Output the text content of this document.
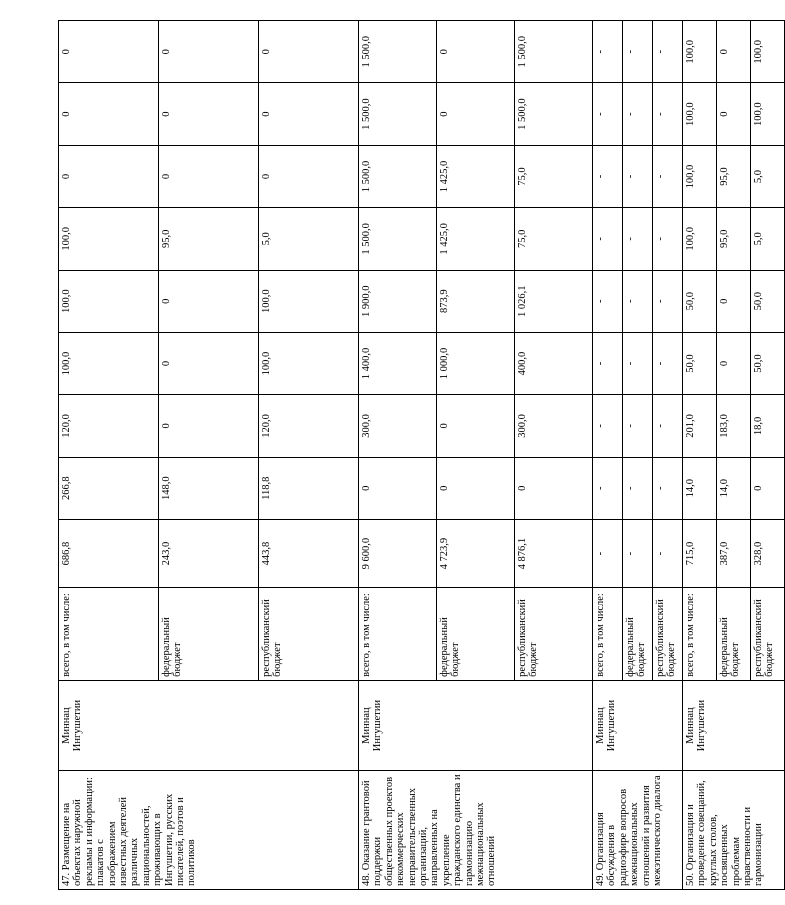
47. Размещение на объектах наружной рекламы и информации: плакатов с изображением известных деятелей различных национальностей, проживающих в Ингушетии, русских писателей, поэтов и политиков	Миннац Ингушетии	всего, в том числе:	686,8	266,8	120,0	100,0	100,0	100,0	0	0	0
		федеральный бюджет	243,0	148,0	0	0	0	95,0	0	0	0
		республиканский бюджет	443,8	118,8	120,0	100,0	100,0	5,0	0	0	0
48. Оказание грантовой поддержки общественных проектов некоммерческих неправительственных организаций, направленных на укрепление гражданского единства и гармонизацию межнациональных отношений	Миннац Ингушетии	всего, в том числе:	9 600,0	0	300,0	1 400,0	1 900,0	1 500,0	1 500,0	1 500,0	1 500,0
		федеральный бюджет	4 723,9	0	0	1 000,0	873,9	1 425,0	1 425,0	0	0
		республиканский бюджет	4 876,1	0	300,0	400,0	1 026,1	75,0	75,0	1 500,0	1 500,0
49. Организация обсуждения в радиоэфире вопросов межнациональных отношений и развития межэтнического диалога	Миннац Ингушетии	всего, в том числе:	-	-	-	-	-	-	-	-	-
		федеральный бюджет	-	-	-	-	-	-	-	-	-
		республиканский бюджет	-	-	-	-	-	-	-	-	-
50. Организация и проведение совещаний, круглых столов, посвященных проблемам нравственности и гармонизации	Миннац Ингушетии	всего, в том числе:	715,0	14,0	201,0	50,0	50,0	100,0	100,0	100,0	100,0
		федеральный бюджет	387,0	14,0	183,0	0	0	95,0	95,0	0	0
		республиканский бюджет	328,0	0	18,0	50,0	50,0	5,0	5,0	100,0	100,0
